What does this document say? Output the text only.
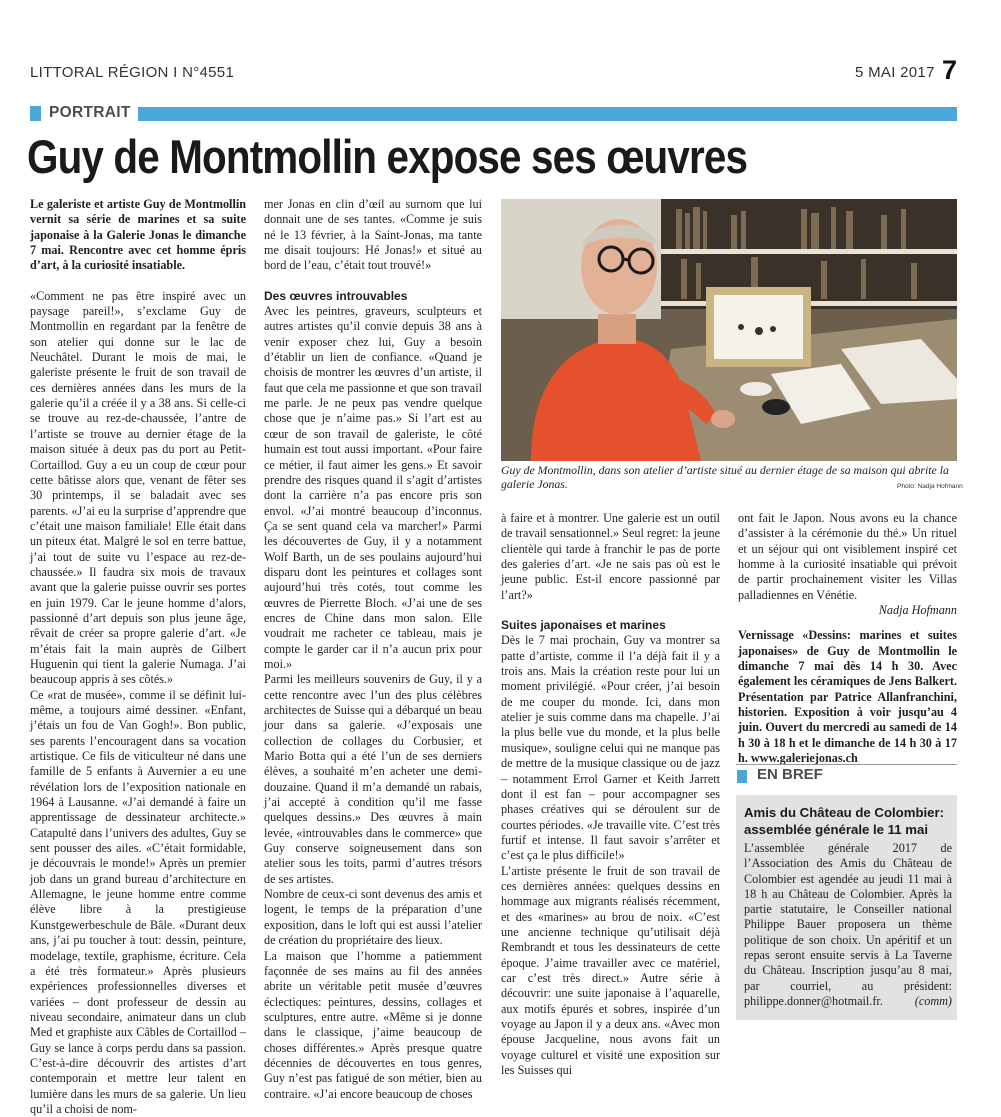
LITTORAL RÉGION I N°4551	5 MAI 2017 7
PORTRAIT
Guy de Montmollin expose ses œuvres

Le galeriste et artiste Guy de Montmollin vernit sa série de marines et sa suite japonaise à la Galerie Jonas le dimanche 7 mai. Rencontre avec cet homme épris d’art, à la curiosité insatiable.

«Comment ne pas être inspiré avec un paysage pareil!», s’exclame Guy de Montmollin en regardant par la fenêtre de son atelier qui donne sur le lac de Neuchâtel. Durant le mois de mai, le galeriste présente le fruit de son travail de ces dernières années dans les murs de la galerie qu’il a créée il y a 38 ans. Si celle-ci se trouve au rez-de-chaussée, l’antre de l’artiste se trouve au dernier étage de la maison située à deux pas du port au Petit-Cortaillod. Guy a eu un coup de cœur pour cette bâtisse alors que, venant de fêter ses 30 printemps, il se baladait avec ses parents. «J’ai eu la surprise d’apprendre que c’était une maison familiale! Elle était dans un piteux état. Malgré le sol en terre battue, j’ai tout de suite vu l’espace au rez-de-chaussée.» Il faudra six mois de travaux avant que la galerie puisse ouvrir ses portes en juin 1979. Car le jeune homme d’alors, passionné d’art depuis son plus jeune âge, rêvait de créer sa propre galerie d’art. «Je m’étais fait la main auprès de Gilbert Huguenin qui tient la galerie Numaga. J’ai beaucoup appris à ses côtés.»

Ce «rat de musée», comme il se définit lui-même, a toujours aimé dessiner. «Enfant, j’étais un fou de Van Gogh!». Bon public, ses parents l’encouragent dans sa vocation artistique. Ce fils de viticulteur né dans une famille de 5 enfants à Auvernier a eu une révélation lors de l’exposition nationale en 1964 à Lausanne. «J’ai demandé à faire un apprentissage de dessinateur architecte.» Catapulté dans l’univers des adultes, Guy se sent pousser des ailes. «C’était formidable, je découvrais le monde!» Après un premier job dans un grand bureau d’architecture en Allemagne, le jeune homme entre comme élève libre à la prestigieuse Kunstgewerbeschule de Bâle. «Durant deux ans, j’ai pu toucher à tout: dessin, peinture, modelage, textile, graphisme, écriture. Cela a été très formateur.» Après plusieurs expériences professionnelles diverses et variées – dont professeur de dessin au niveau secondaire, animateur dans un club Med et graphiste aux Câbles de Cortaillod – Guy se lance à corps perdu dans sa passion. C’est-à-dire découvrir des artistes d’art contemporain et mettre leur talent en lumière dans les murs de sa galerie. Un lieu qu’il a choisi de nom-

mer Jonas en clin d’œil au surnom que lui donnait une de ses tantes. «Comme je suis né le 13 février, à la Saint-Jonas, ma tante me disait toujours: Hé Jonas!» et situé au bord de l’eau, c’était tout trouvé!»

Des œuvres introuvables

Avec les peintres, graveurs, sculpteurs et autres artistes qu’il convie depuis 38 ans à venir exposer chez lui, Guy a besoin d’établir un lien de confiance. «Quand je choisis de montrer les œuvres d’un artiste, il faut que cela me passionne et que son travail me parle. Je ne peux pas vendre quelque chose que je n’aime pas.» Si l’art est au cœur de son travail de galeriste, le côté humain est tout aussi important. «Pour faire ce métier, il faut aimer les gens.» Et savoir prendre des risques quand il s’agit d’artistes dont la carrière n’a pas encore pris son envol. «J’ai montré beaucoup d’inconnus. Ça se sent quand cela va marcher!» Parmi les découvertes de Guy, il y a notamment Wolf Barth, un de ses poulains aujourd’hui disparu dont les peintures et collages sont aujourd’hui très cotés, tout comme les œuvres de Pierrette Bloch. «J’ai une de ses encres de Chine dans mon salon. Elle voudrait me racheter ce tableau, mais je compte le garder car il n’a aucun prix pour moi.»

Parmi les meilleurs souvenirs de Guy, il y a cette rencontre avec l’un des plus célèbres architectes de Suisse qui a débarqué un beau jour dans sa galerie. «J’exposais une collection de collages du Corbusier, et Mario Botta qui a été l’un de ses derniers élèves, a souhaité m’en acheter une demi-douzaine. Quand il m’a demandé un rabais, j’ai accepté à condition qu’il me fasse quelques dessins.» Des œuvres à main levée, «introuvables dans le commerce» que Guy conserve soigneusement dans son atelier sous les toits, parmi d’autres trésors de ses artistes.

Nombre de ceux-ci sont devenus des amis et logent, le temps de la préparation d’une exposition, dans le loft qui est aussi l’atelier de création du propriétaire des lieux.

La maison que l’homme a patiemment façonnée de ses mains au fil des années abrite un véritable petit musée d’œuvres éclectiques: peintures, dessins, collages et sculptures, entre autre. «Même si je donne dans le classique, j’aime beaucoup de choses différentes.» Après presque quatre décennies de découvertes en tous genres, Guy n’est pas fatigué de son métier, bien au contraire. «J’ai encore beaucoup de choses

Guy de Montmollin, dans son atelier d’artiste situé au dernier étage de sa maison qui abrite la galerie Jonas.	Photo: Nadja Hofmann

à faire et à montrer. Une galerie est un outil de travail sensationnel.» Seul regret: la jeune clientèle qui tarde à franchir le pas de porte des galeries d’art. «Je ne sais pas où est le jeune public. Est-il encore passionné par l’art?»

Suites japonaises et marines

Dès le 7 mai prochain, Guy va montrer sa patte d’artiste, comme il l’a déjà fait il y a trois ans. Mais la création reste pour lui un moment privilégié. «Pour créer, j’ai besoin de me couper du monde. Ici, dans mon atelier je suis comme dans ma chapelle. J’ai la plus belle vue du monde, et la plus belle musique», souligne celui qui ne manque pas de mettre de la musique classique ou de jazz – notamment Errol Garner et Keith Jarrett dont il est fan – pour accompagner ses phases créatives qui se déroulent sur de courtes périodes. «Je travaille vite. C’est très furtif et intense. Il faut savoir s’arrêter et c’est ça le plus difficile!»

L’artiste présente le fruit de son travail de ces dernières années: quelques dessins en hommage aux migrants réalisés récemment, et des «marines» au brou de noix. «C’est une ancienne technique qu’utilisait déjà Rembrandt et tous les dessinateurs de cette époque. J’aime travailler avec ce matériel, car c’est très direct.» Autre série à découvrir: une suite japonaise à l’aquarelle, aux motifs épurés et sobres, inspirée d’un voyage au Japon il y a deux ans. «Avec mon épouse Jacqueline, nous avons fait un voyage culturel et visité une exposition sur les Suisses qui

ont fait le Japon. Nous avons eu la chance d’assister à la cérémonie du thé.» Un rituel et un séjour qui ont visiblement inspiré cet homme à la curiosité insatiable qui prévoit de partir prochainement visiter les Villas palladiennes en Vénétie.

Nadja Hofmann

Vernissage «Dessins: marines et suites japonaises» de Guy de Montmollin le dimanche 7 mai dès 14 h 30. Avec également les céramiques de Jens Balkert. Présentation par Patrice Allanfranchini, historien. Exposition à voir jusqu’au 4 juin. Ouvert du mercredi au samedi de 14 h 30 à 18 h et le dimanche de 14 h 30 à 17 h. www.galeriejonas.ch

EN BREF
Amis du Château de Colombier: assemblée générale le 11 mai
L’assemblée générale 2017 de l’Association des Amis du Château de Colombier est agendée au jeudi 11 mai à 18 h au Château de Colombier. Après la partie statutaire, le Conseiller national Philippe Bauer proposera un thème politique de son choix. Un apéritif et un repas seront ensuite servis à La Taverne du Château. Inscription jusqu’au 8 mai, par courriel, au président: philippe.donner@hotmail.fr.	(comm)
